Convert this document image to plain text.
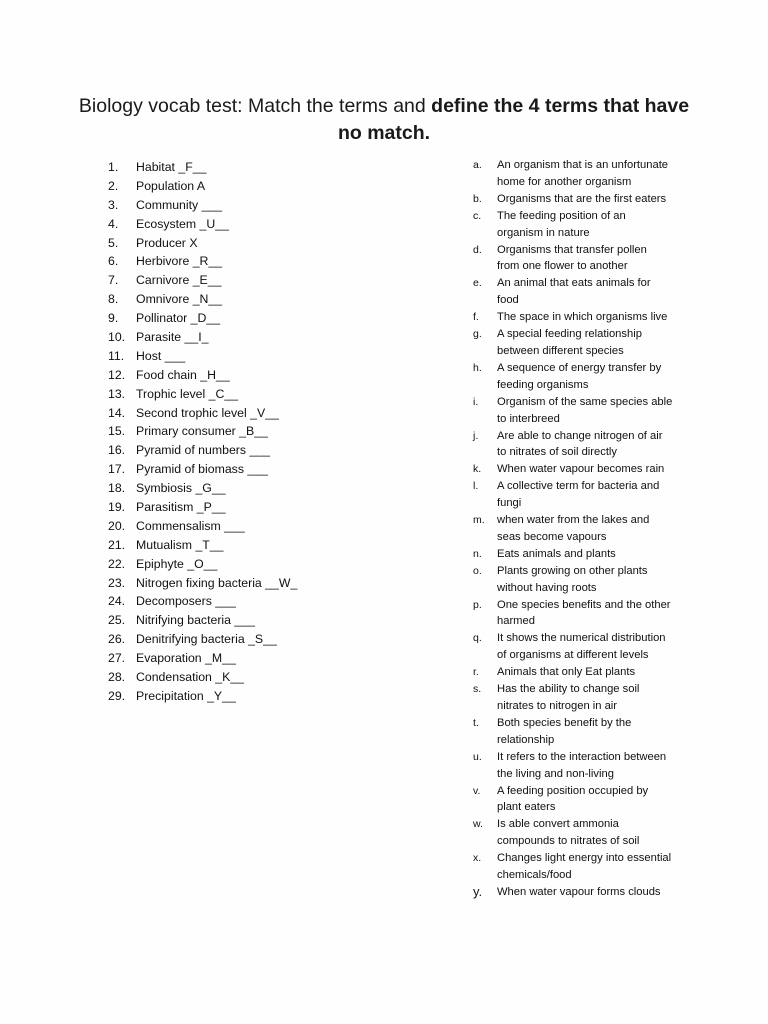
Biology vocab test: Match the terms and define the 4 terms that have
no match.
1.	Habitat _F__
2.	Population A
3.	Community ___
4.	Ecosystem _U__
5.	Producer X
6.	Herbivore _R__
7.	Carnivore _E__
8.	Omnivore _N__
9.	Pollinator _D__
10. Parasite __I_
11. Host ___
12. Food chain _H__
13. Trophic level _C__
14. Second trophic level _V__
15. Primary consumer _B__
16. Pyramid of numbers ___
17. Pyramid of biomass ___
18. Symbiosis _G__
19. Parasitism _P__
20. Commensalism ___
21. Mutualism _T__
22. Epiphyte _O__
23. Nitrogen fixing bacteria __W_
24. Decomposers ___
25. Nitrifying bacteria ___
26. Denitrifying bacteria _S__
27. Evaporation _M__
28. Condensation _K__
29. Precipitation _Y__
a.	An organism that is an unfortunate
home for another organism
b.	Organisms that are the first eaters
c.	The feeding position of an
organism in nature
d.	Organisms that transfer pollen
from one flower to another
e.	An animal that eats animals for
food
f.	The space in which organisms live
g.	A special feeding relationship
between different species
h.	A sequence of energy transfer by
feeding organisms
i.	Organism of the same species able
to interbreed
j.	Are able to change nitrogen of air
to nitrates of soil directly
k.	When water vapour becomes rain
l.	A collective term for bacteria and
fungi
m.	when water from the lakes and
seas become vapours
n.	Eats animals and plants
o.	Plants growing on other plants
without having roots
p.	One species benefits and the other
harmed
q.	It shows the numerical distribution
of organisms at different levels
r.	Animals that only Eat plants
s.	Has the ability to change soil
nitrates to nitrogen in air
t.	Both species benefit by the
relationship
u.	It refers to the interaction between
the living and non-living
v.	A feeding position occupied by
plant eaters
w.	Is able convert ammonia
compounds to nitrates of soil
x.	Changes light energy into essential
chemicals/food
y.	When water vapour forms clouds
